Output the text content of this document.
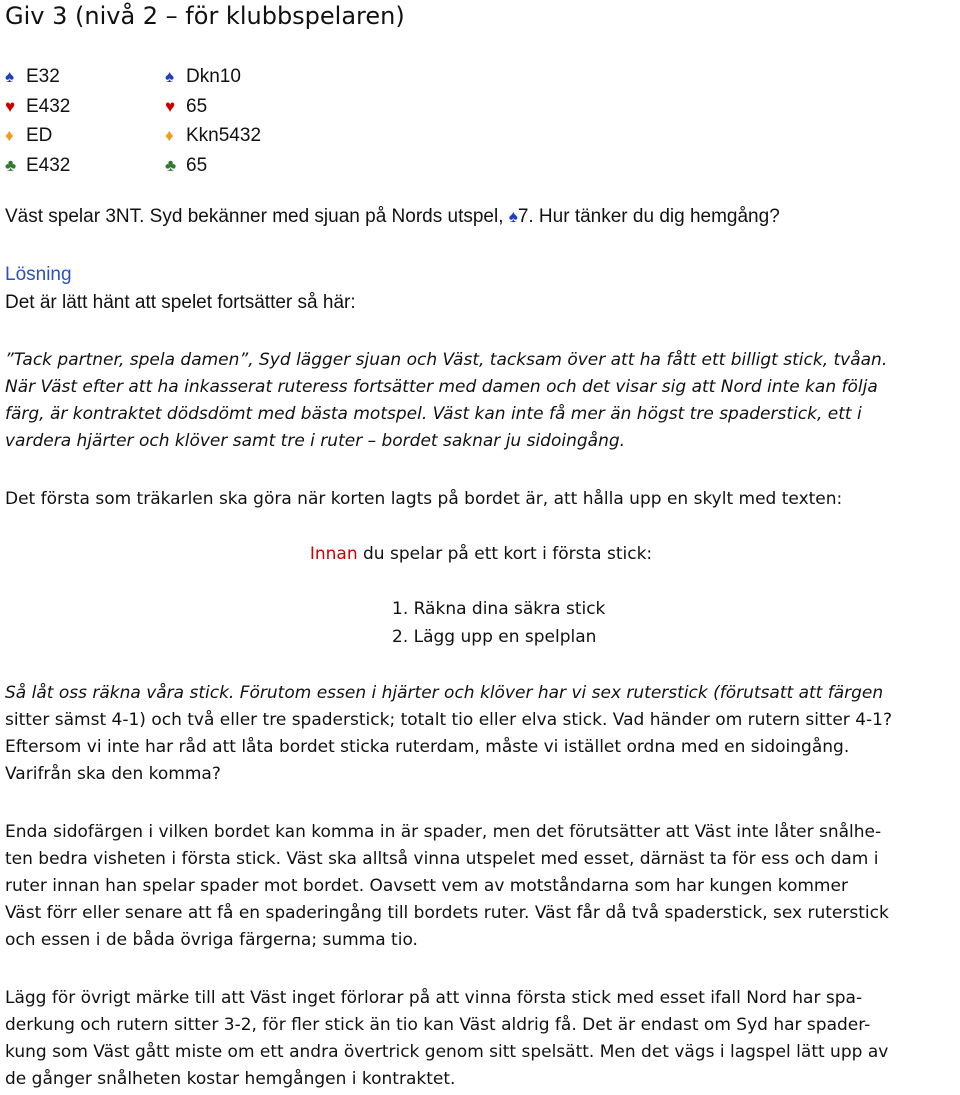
Giv 3 (nivå 2 – för klubbspelaren)
♠ E32
♥ E432
♦ ED
♣ E432
♠ Dkn10
♥ 65
♦ Kkn5432
♣ 65
Väst spelar 3NT. Syd bekänner med sjuan på Nords utspel, ♠7. Hur tänker du dig hemgång?
Lösning
Det är lätt hänt att spelet fortsätter så här:
”Tack partner, spela damen”, Syd lägger sjuan och Väst, tacksam över att ha fått ett billigt stick, tvåan.
När Väst efter att ha inkasserat ruteress fortsätter med damen och det visar sig att Nord inte kan följa
färg, är kontraktet dödsdömt med bästa motspel. Väst kan inte få mer än högst tre spaderstick, ett i
vardera hjärter och klöver samt tre i ruter – bordet saknar ju sidoingång.
Det första som träkarlen ska göra när korten lagts på bordet är, att hålla upp en skylt med texten:
Innan du spelar på ett kort i första stick:
1. Räkna dina säkra stick
2. Lägg upp en spelplan
Så låt oss räkna våra stick. Förutom essen i hjärter och klöver har vi sex ruterstick (förutsatt att färgen
sitter sämst 4-1) och två eller tre spaderstick; totalt tio eller elva stick. Vad händer om rutern sitter 4-1?
Eftersom vi inte har råd att låta bordet sticka ruterdam, måste vi istället ordna med en sidoingång.
Varifrån ska den komma?
Enda sidofärgen i vilken bordet kan komma in är spader, men det förutsätter att Väst inte låter snålhe-
ten bedra visheten i första stick. Väst ska alltså vinna utspelet med esset, därnäst ta för ess och dam i
ruter innan han spelar spader mot bordet. Oavsett vem av motståndarna som har kungen kommer
Väst förr eller senare att få en spaderingång till bordets ruter. Väst får då två spaderstick, sex ruterstick
och essen i de båda övriga färgerna; summa tio.
Lägg för övrigt märke till att Väst inget förlorar på att vinna första stick med esset ifall Nord har spa-
derkung och rutern sitter 3-2, för fler stick än tio kan Väst aldrig få. Det är endast om Syd har spader-
kung som Väst gått miste om ett andra övertrick genom sitt spelsätt. Men det vägs i lagspel lätt upp av
de gånger snålheten kostar hemgången i kontraktet.
